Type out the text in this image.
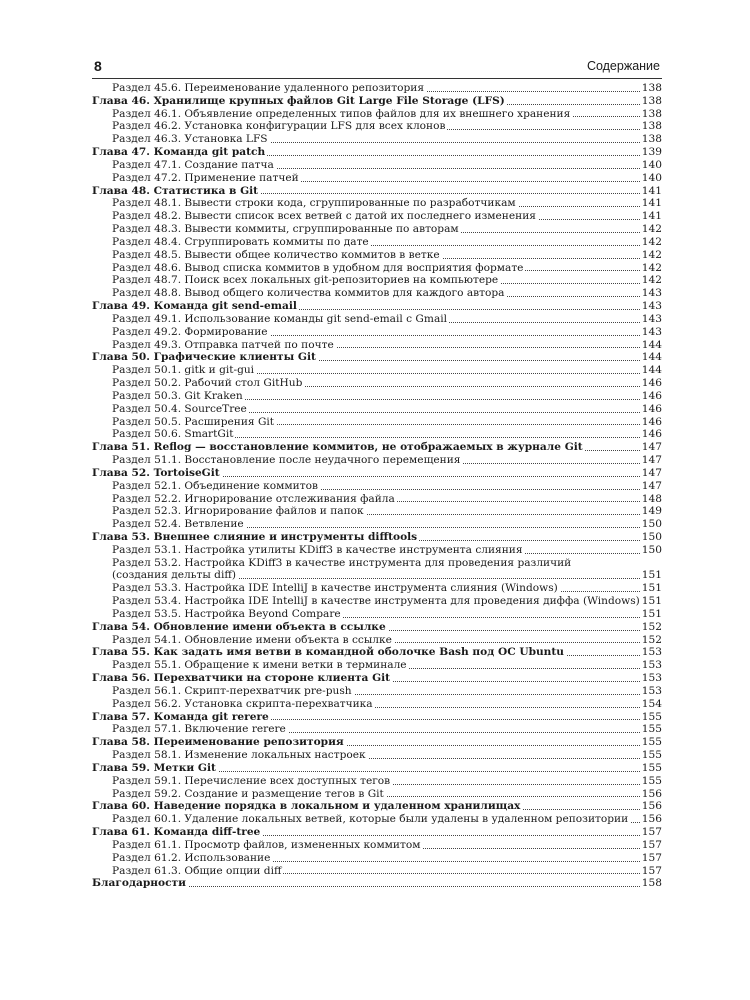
8	Содержание
Раздел 45.6. Переименование удаленного репозитория	138
Глава 46. Хранилище крупных файлов Git Large File Storage (LFS)	138
Раздел 46.1. Объявление определенных типов файлов для их внешнего хранения	138
Раздел 46.2. Установка конфигурации LFS для всех клонов	138
Раздел 46.3. Установка LFS	138
Глава 47. Команда git patch	139
Раздел 47.1. Создание патча	140
Раздел 47.2. Применение патчей	140
Глава 48. Статистика в Git	141
Раздел 48.1. Вывести строки кода, сгруппированные по разработчикам	141
Раздел 48.2. Вывести список всех ветвей с датой их последнего изменения	141
Раздел 48.3. Вывести коммиты, сгруппированные по авторам	142
Раздел 48.4. Сгруппировать коммиты по дате	142
Раздел 48.5. Вывести общее количество коммитов в ветке	142
Раздел 48.6. Вывод списка коммитов в удобном для восприятия формате	142
Раздел 48.7. Поиск всех локальных git-репозиториев на компьютере	142
Раздел 48.8. Вывод общего количества коммитов для каждого автора	143
Глава 49. Команда git send-email	143
Раздел 49.1. Использование команды git send-email с Gmail	143
Раздел 49.2. Формирование	143
Раздел 49.3. Отправка патчей по почте	144
Глава 50. Графические клиенты Git	144
Раздел 50.1. gitk и git-gui	144
Раздел 50.2. Рабочий стол GitHub	146
Раздел 50.3. Git Kraken	146
Раздел 50.4. SourceTree	146
Раздел 50.5. Расширения Git	146
Раздел 50.6. SmartGit	146
Глава 51. Reflog — восстановление коммитов, не отображаемых в журнале Git	147
Раздел 51.1. Восстановление после неудачного перемещения	147
Глава 52. TortoiseGit	147
Раздел 52.1. Объединение коммитов	147
Раздел 52.2. Игнорирование отслеживания файла	148
Раздел 52.3. Игнорирование файлов и папок	149
Раздел 52.4. Ветвление	150
Глава 53. Внешнее слияние и инструменты difftools	150
Раздел 53.1. Настройка утилиты KDiff3 в качестве инструмента слияния	150
Раздел 53.2. Настройка KDiff3 в качестве инструмента для проведения различий
(создания дельты diff)	151
Раздел 53.3. Настройка IDE IntelliJ в качестве инструмента слияния (Windows)	151
Раздел 53.4. Настройка IDE IntelliJ в качестве инструмента для проведения диффа (Windows) 151
Раздел 53.5. Настройка Beyond Compare	151
Глава 54. Обновление имени объекта в ссылке	152
Раздел 54.1. Обновление имени объекта в ссылке	152
Глава 55. Как задать имя ветви в командной оболочке Bash под ОС Ubuntu	153
Раздел 55.1. Обращение к имени ветки в терминале	153
Глава 56. Перехватчики на стороне клиента Git	153
Раздел 56.1. Скрипт-перехватчик pre-push	153
Раздел 56.2. Установка скрипта-перехватчика	154
Глава 57. Команда git rerere	155
Раздел 57.1. Включение rerere	155
Глава 58. Переименование репозитория	155
Раздел 58.1. Изменение локальных настроек	155
Глава 59. Метки Git	155
Раздел 59.1. Перечисление всех доступных тегов	155
Раздел 59.2. Создание и размещение тегов в Git	156
Глава 60. Наведение порядка в локальном и удаленном хранилищах	156
Раздел 60.1. Удаление локальных ветвей, которые были удалены в удаленном репозитории 156
Глава 61. Команда diff-tree	157
Раздел 61.1. Просмотр файлов, измененных коммитом	157
Раздел 61.2. Использование	157
Раздел 61.3. Общие опции diff	157
Благодарности	158
